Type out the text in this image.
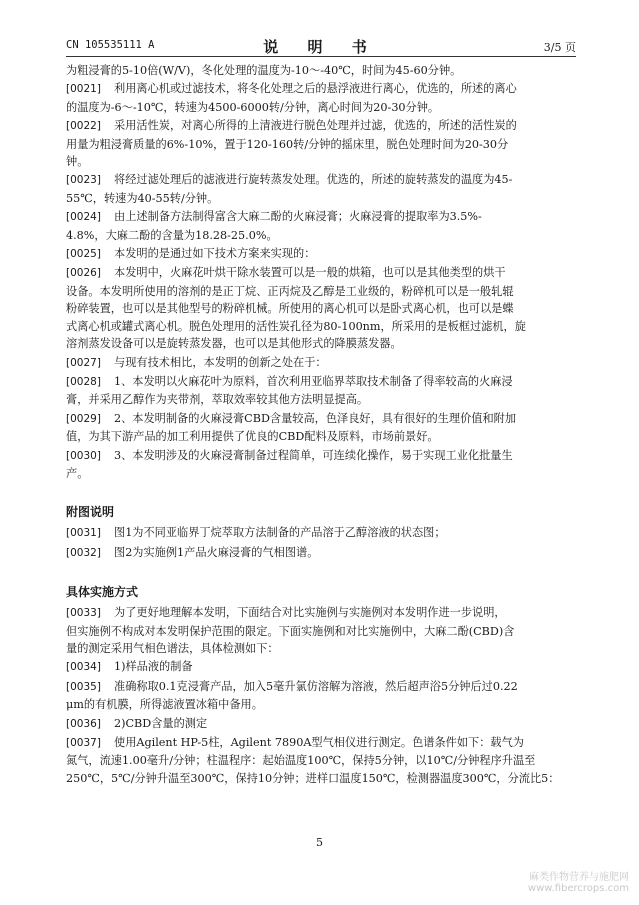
CN 105535111 A	说 明 书	3/5 页
为粗浸膏的5-10倍(W/V)，冬化处理的温度为-10～-40℃，时间为45-60分钟。
[0021] 利用离心机或过滤技术，将冬化处理之后的悬浮液进行离心，优选的，所述的离心
的温度为-6～-10℃，转速为4500-6000转/分钟，离心时间为20-30分钟。
[0022] 采用活性炭，对离心所得的上清液进行脱色处理并过滤，优选的，所述的活性炭的
用量为粗浸膏质量的6%-10%，置于120-160转/分钟的摇床里，脱色处理时间为20-30分
钟。
[0023] 将经过滤处理后的滤液进行旋转蒸发处理。优选的，所述的旋转蒸发的温度为45-
55℃，转速为40-55转/分钟。
[0024] 由上述制备方法制得富含大麻二酚的火麻浸膏；火麻浸膏的提取率为3.5%-
4.8%，大麻二酚的含量为18.28-25.0%。
[0025] 本发明的是通过如下技术方案来实现的：
[0026] 本发明中，火麻花叶烘干除水装置可以是一般的烘箱，也可以是其他类型的烘干
设备。本发明所使用的溶剂的是正丁烷、正丙烷及乙醇是工业级的，粉碎机可以是一般轧辊
粉碎装置，也可以是其他型号的粉碎机械。所使用的离心机可以是卧式离心机，也可以是蝶
式离心机或罐式离心机。脱色处理用的活性炭孔径为80-100nm，所采用的是板框过滤机，旋
溶剂蒸发设备可以是旋转蒸发器，也可以是其他形式的降膜蒸发器。
[0027] 与现有技术相比，本发明的创新之处在于：
[0028] 1、本发明以火麻花叶为原料，首次利用亚临界萃取技术制备了得率较高的火麻浸
膏，并采用乙醇作为夹带剂，萃取效率较其他方法明显提高。
[0029] 2、本发明制备的火麻浸膏CBD含量较高，色泽良好，具有很好的生理价值和附加
值，为其下游产品的加工利用提供了优良的CBD配料及原料，市场前景好。
[0030] 3、本发明涉及的火麻浸膏制备过程简单，可连续化操作，易于实现工业化批量生
产。
附图说明
[0031] 图1为不同亚临界丁烷萃取方法制备的产品溶于乙醇溶液的状态图；
[0032] 图2为实施例1产品火麻浸膏的气相图谱。
具体实施方式
[0033] 为了更好地理解本发明，下面结合对比实施例与实施例对本发明作进一步说明，
但实施例不构成对本发明保护范围的限定。下面实施例和对比实施例中，大麻二酚(CBD)含
量的测定采用气相色谱法，具体检测如下：
[0034] 1)样品液的制备
[0035] 准确称取0.1克浸膏产品，加入5毫升氯仿溶解为溶液，然后超声浴5分钟后过0.22
μm的有机膜，所得滤液置冰箱中备用。
[0036] 2)CBD含量的测定
[0037] 使用Agilent HP-5柱，Agilent 7890A型气相仪进行测定。色谱条件如下：载气为
氮气，流速1.00毫升/分钟；柱温程序：起始温度100℃，保持5分钟，以10℃/分钟程序升温至
250℃，5℃/分钟升温至300℃，保持10分钟；进样口温度150℃，检测器温度300℃，分流比5：
5
麻类作物营养与施肥网
www.fibercrops.com
